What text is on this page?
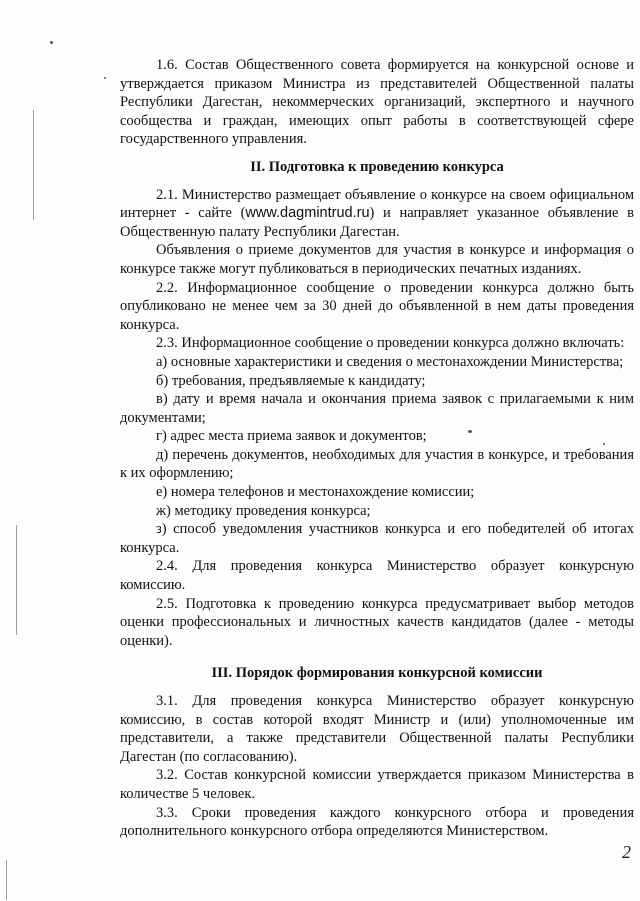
1.6. Состав Общественного совета формируется на конкурсной основе и утверждается приказом Министра из представителей Общественной палаты Республики Дагестан, некоммерческих организаций, экспертного и научного сообщества и граждан, имеющих опыт работы в соответствующей сфере государственного управления.

II. Подготовка к проведению конкурса

2.1. Министерство размещает объявление о конкурсе на своем официальном интернет - сайте (www.dagmintrud.ru) и направляет указанное объявление в Общественную палату Республики Дагестан.

Объявления о приеме документов для участия в конкурсе и информация о конкурсе также могут публиковаться в периодических печатных изданиях.

2.2. Информационное сообщение о проведении конкурса должно быть опубликовано не менее чем за 30 дней до объявленной в нем даты проведения конкурса.

2.3. Информационное сообщение о проведении конкурса должно включать:

а) основные характеристики и сведения о местонахождении Министерства;

б) требования, предъявляемые к кандидату;

в) дату и время начала и окончания приема заявок с прилагаемыми к ним документами;

г) адрес места приема заявок и документов;

д) перечень документов, необходимых для участия в конкурсе, и требования к их оформлению;

е) номера телефонов и местонахождение комиссии;

ж) методику проведения конкурса;

з) способ уведомления участников конкурса и его победителей об итогах конкурса.

2.4. Для проведения конкурса Министерство образует конкурсную комиссию.

2.5. Подготовка к проведению конкурса предусматривает выбор методов оценки профессиональных и личностных качеств кандидатов (далее - методы оценки).

III. Порядок формирования конкурсной комиссии

3.1. Для проведения конкурса Министерство образует конкурсную комиссию, в состав которой входят Министр и (или) уполномоченные им представители, а также представители Общественной палаты Республики Дагестан (по согласованию).

3.2. Состав конкурсной комиссии утверждается приказом Министерства в количестве 5 человек.

3.3. Сроки проведения каждого конкурсного отбора и проведения дополнительного конкурсного отбора определяются Министерством.

2
